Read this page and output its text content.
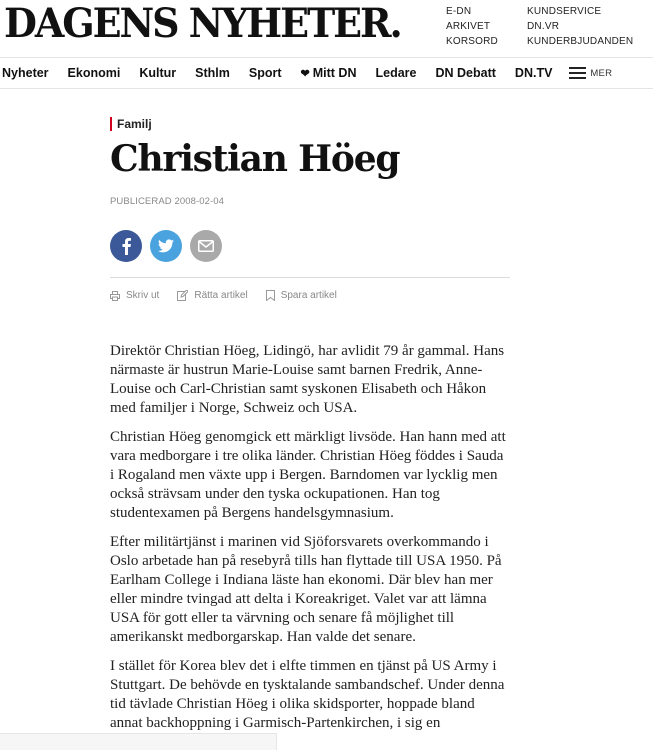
DAGENS NYHETER.	E-DN
ARKIVET
KORSORD
KUNDSERVICE
DN.VR
KUNDERBJUDANDEN
Nyheter Ekonomi Kultur Sthlm Sport ❤ Mitt DN Ledare DN Debatt DN.TV	MER
Familj
Christian Höeg
PUBLICERAD 2008-02-04
Skriv ut	Rätta artikel	Spara artikel

Direktör Christian Höeg, Lidingö, har avlidit 79 år gammal. Hans närmaste är hustrun Marie-Louise samt barnen Fredrik, Anne-Louise och Carl-Christian samt syskonen Elisabeth och Håkon med familjer i Norge, Schweiz och USA.

Christian Höeg genomgick ett märkligt livsöde. Han hann med att vara medborgare i tre olika länder. Christian Höeg föddes i Sauda i Rogaland men växte upp i Bergen. Barndomen var lycklig men också strävsam under den tyska ockupationen. Han tog studentexamen på Bergens handelsgymnasium.

Efter militärtjänst i marinen vid Sjöforsvarets overkommando i Oslo arbetade han på resebyrå tills han flyttade till USA 1950. På Earlham College i Indiana läste han ekonomi. Där blev han mer eller mindre tvingad att delta i Koreakriget. Valet var att lämna USA för gott eller ta värvning och senare få möjlighet till amerikanskt medborgarskap. Han valde det senare.

I stället för Korea blev det i elfte timmen en tjänst på US Army i Stuttgart. De behövde en tysktalande sambandschef. Under denna tid tävlade Christian Höeg i olika skidsporter, hoppade bland annat backhoppning i Garmisch-Partenkirchen, i sig en
